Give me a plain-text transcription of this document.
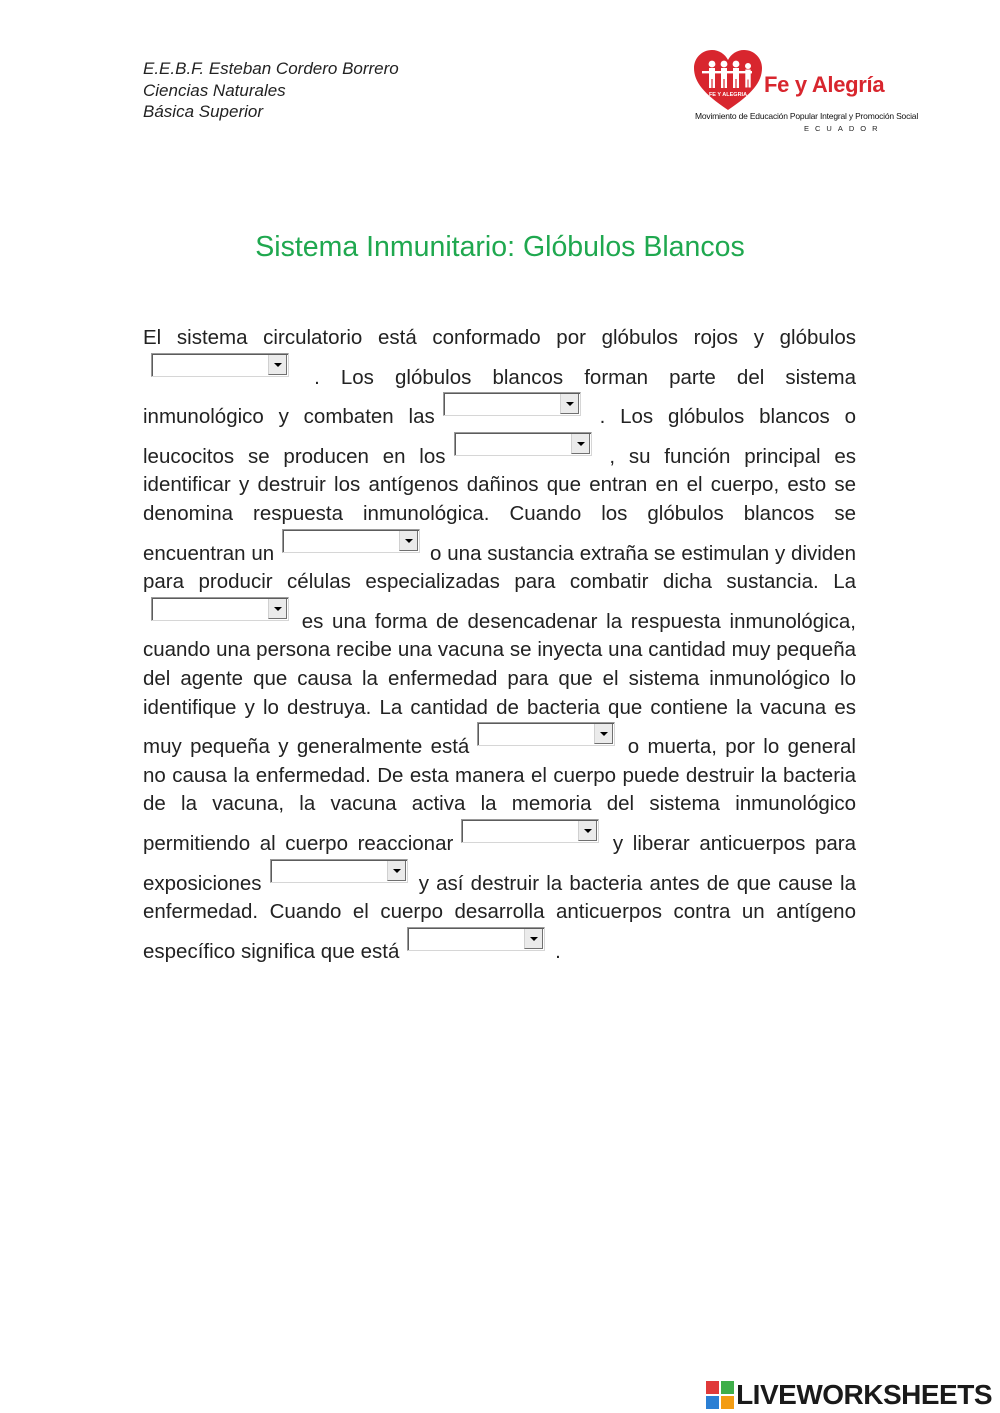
E.E.B.F. Esteban Cordero Borrero
Ciencias Naturales
Básica Superior
FE Y ALEGRIA Fe y Alegría
Movimiento de Educación Popular Integral y Promoción Social
ECUADOR
Sistema Inmunitario: Glóbulos Blancos
El sistema circulatorio está conformado por glóbulos rojos y glóbulos
. Los glóbulos blancos forman parte del sistema inmunológico y combaten las	. Los glóbulos blancos o leucocitos se producen en los	, su función principal es identificar y destruir los antígenos dañinos que entran en el cuerpo, esto se denomina respuesta inmunológica. Cuando los glóbulos blancos se encuentran un	o una sustancia extraña se estimulan y dividen para producir células especializadas para combatir dicha sustancia. La
es una forma de desencadenar la respuesta inmunológica, cuando una persona recibe una vacuna se inyecta una cantidad muy pequeña del agente que causa la enfermedad para que el sistema inmunológico lo identifique y lo destruya. La cantidad de bacteria que contiene la vacuna es muy pequeña y generalmente está	o muerta, por lo general no causa la enfermedad. De esta manera el cuerpo puede destruir la bacteria de la vacuna, la vacuna activa la memoria del sistema inmunológico permitiendo al cuerpo reaccionar	y liberar anticuerpos para exposiciones	y así destruir la bacteria antes de que cause la enfermedad. Cuando el cuerpo desarrolla anticuerpos contra un antígeno específico significa que está	.
LIVEWORKSHEETS
